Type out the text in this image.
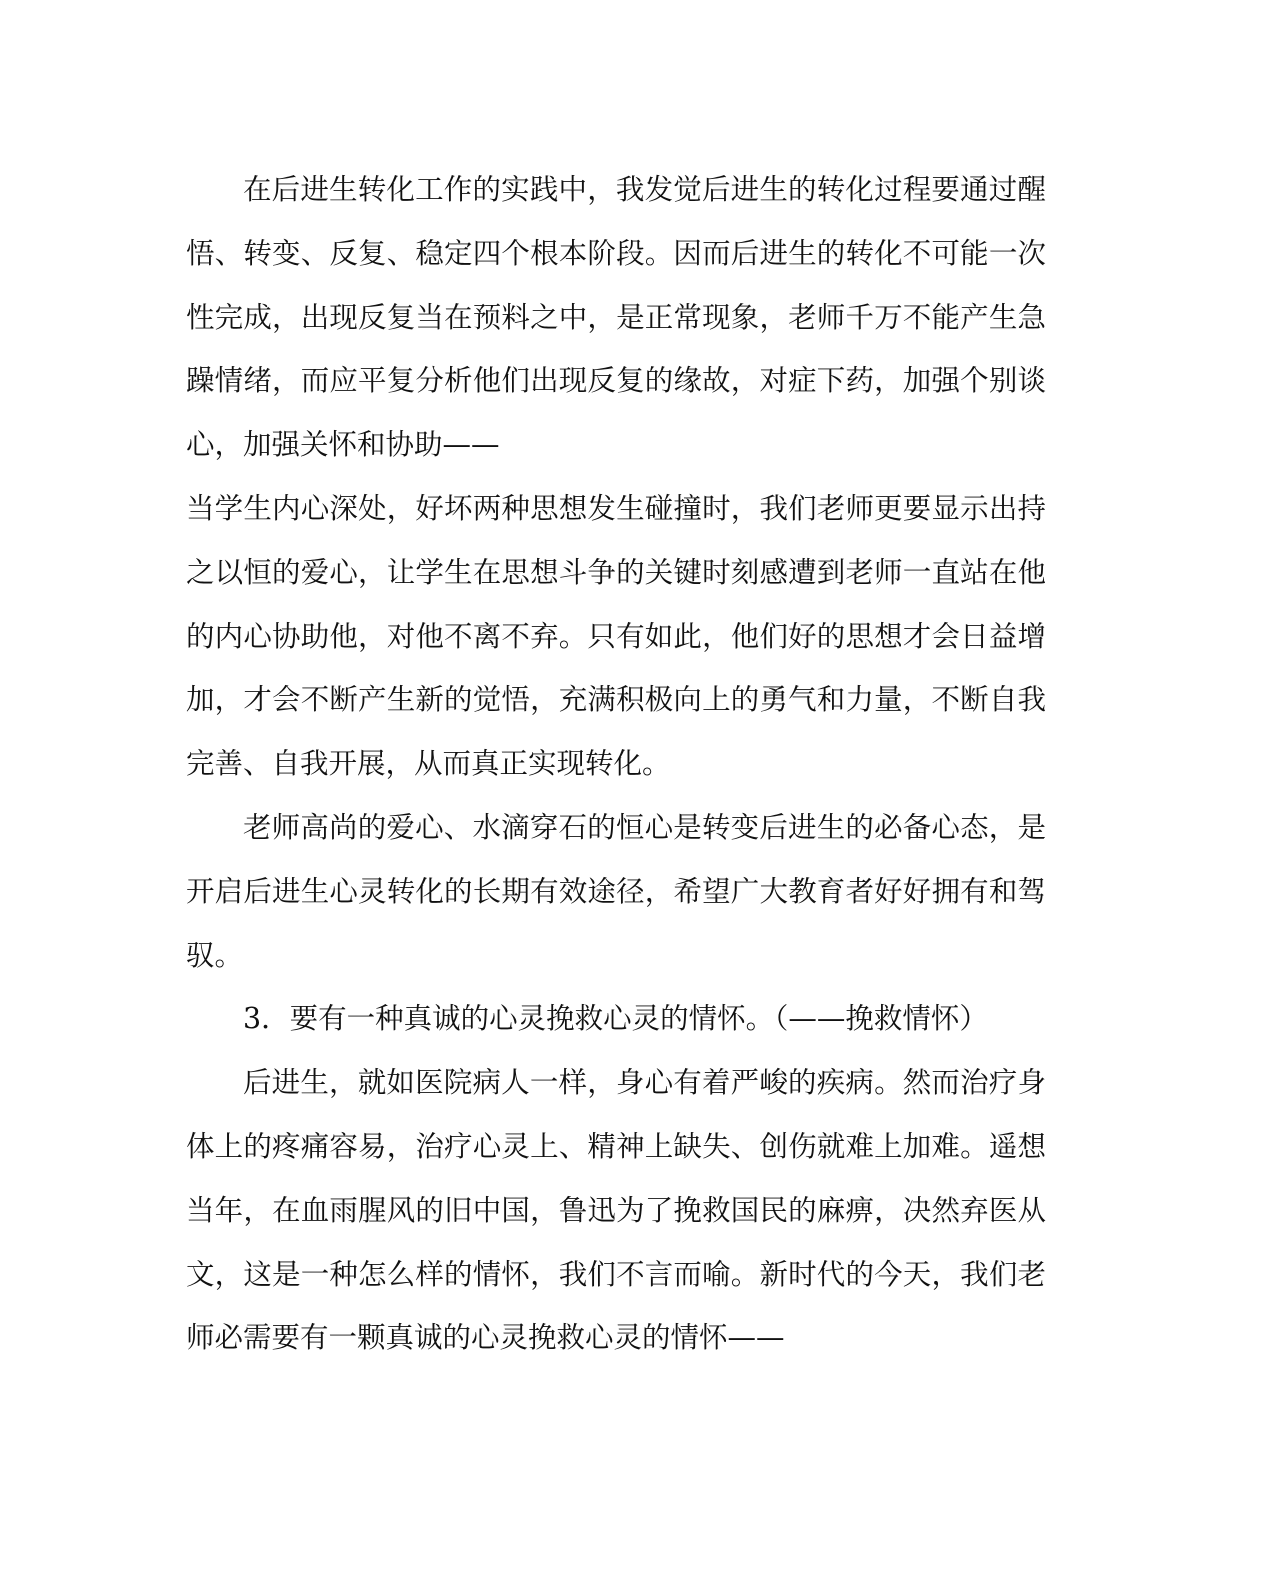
在后进生转化工作的实践中，我发觉后进生的转化过程要通过醒悟、转变、反复、稳定四个根本阶段。因而后进生的转化不可能一次性完成，出现反复当在预料之中，是正常现象，老师千万不能产生急躁情绪，而应平复分析他们出现反复的缘故，对症下药，加强个别谈心，加强关怀和协助——

当学生内心深处，好坏两种思想发生碰撞时，我们老师更要显示出持之以恒的爱心，让学生在思想斗争的关键时刻感遭到老师一直站在他的内心协助他，对他不离不弃。只有如此，他们好的思想才会日益增加，才会不断产生新的觉悟，充满积极向上的勇气和力量，不断自我完善、自我开展，从而真正实现转化。

老师高尚的爱心、水滴穿石的恒心是转变后进生的必备心态，是开启后进生心灵转化的长期有效途径，希望广大教育者好好拥有和驾驭。

3．要有一种真诚的心灵挽救心灵的情怀。（——挽救情怀）

后进生，就如医院病人一样，身心有着严峻的疾病。然而治疗身体上的疼痛容易，治疗心灵上、精神上缺失、创伤就难上加难。遥想当年，在血雨腥风的旧中国，鲁迅为了挽救国民的麻痹，决然弃医从文，这是一种怎么样的情怀，我们不言而喻。新时代的今天，我们老师必需要有一颗真诚的心灵挽救心灵的情怀——
